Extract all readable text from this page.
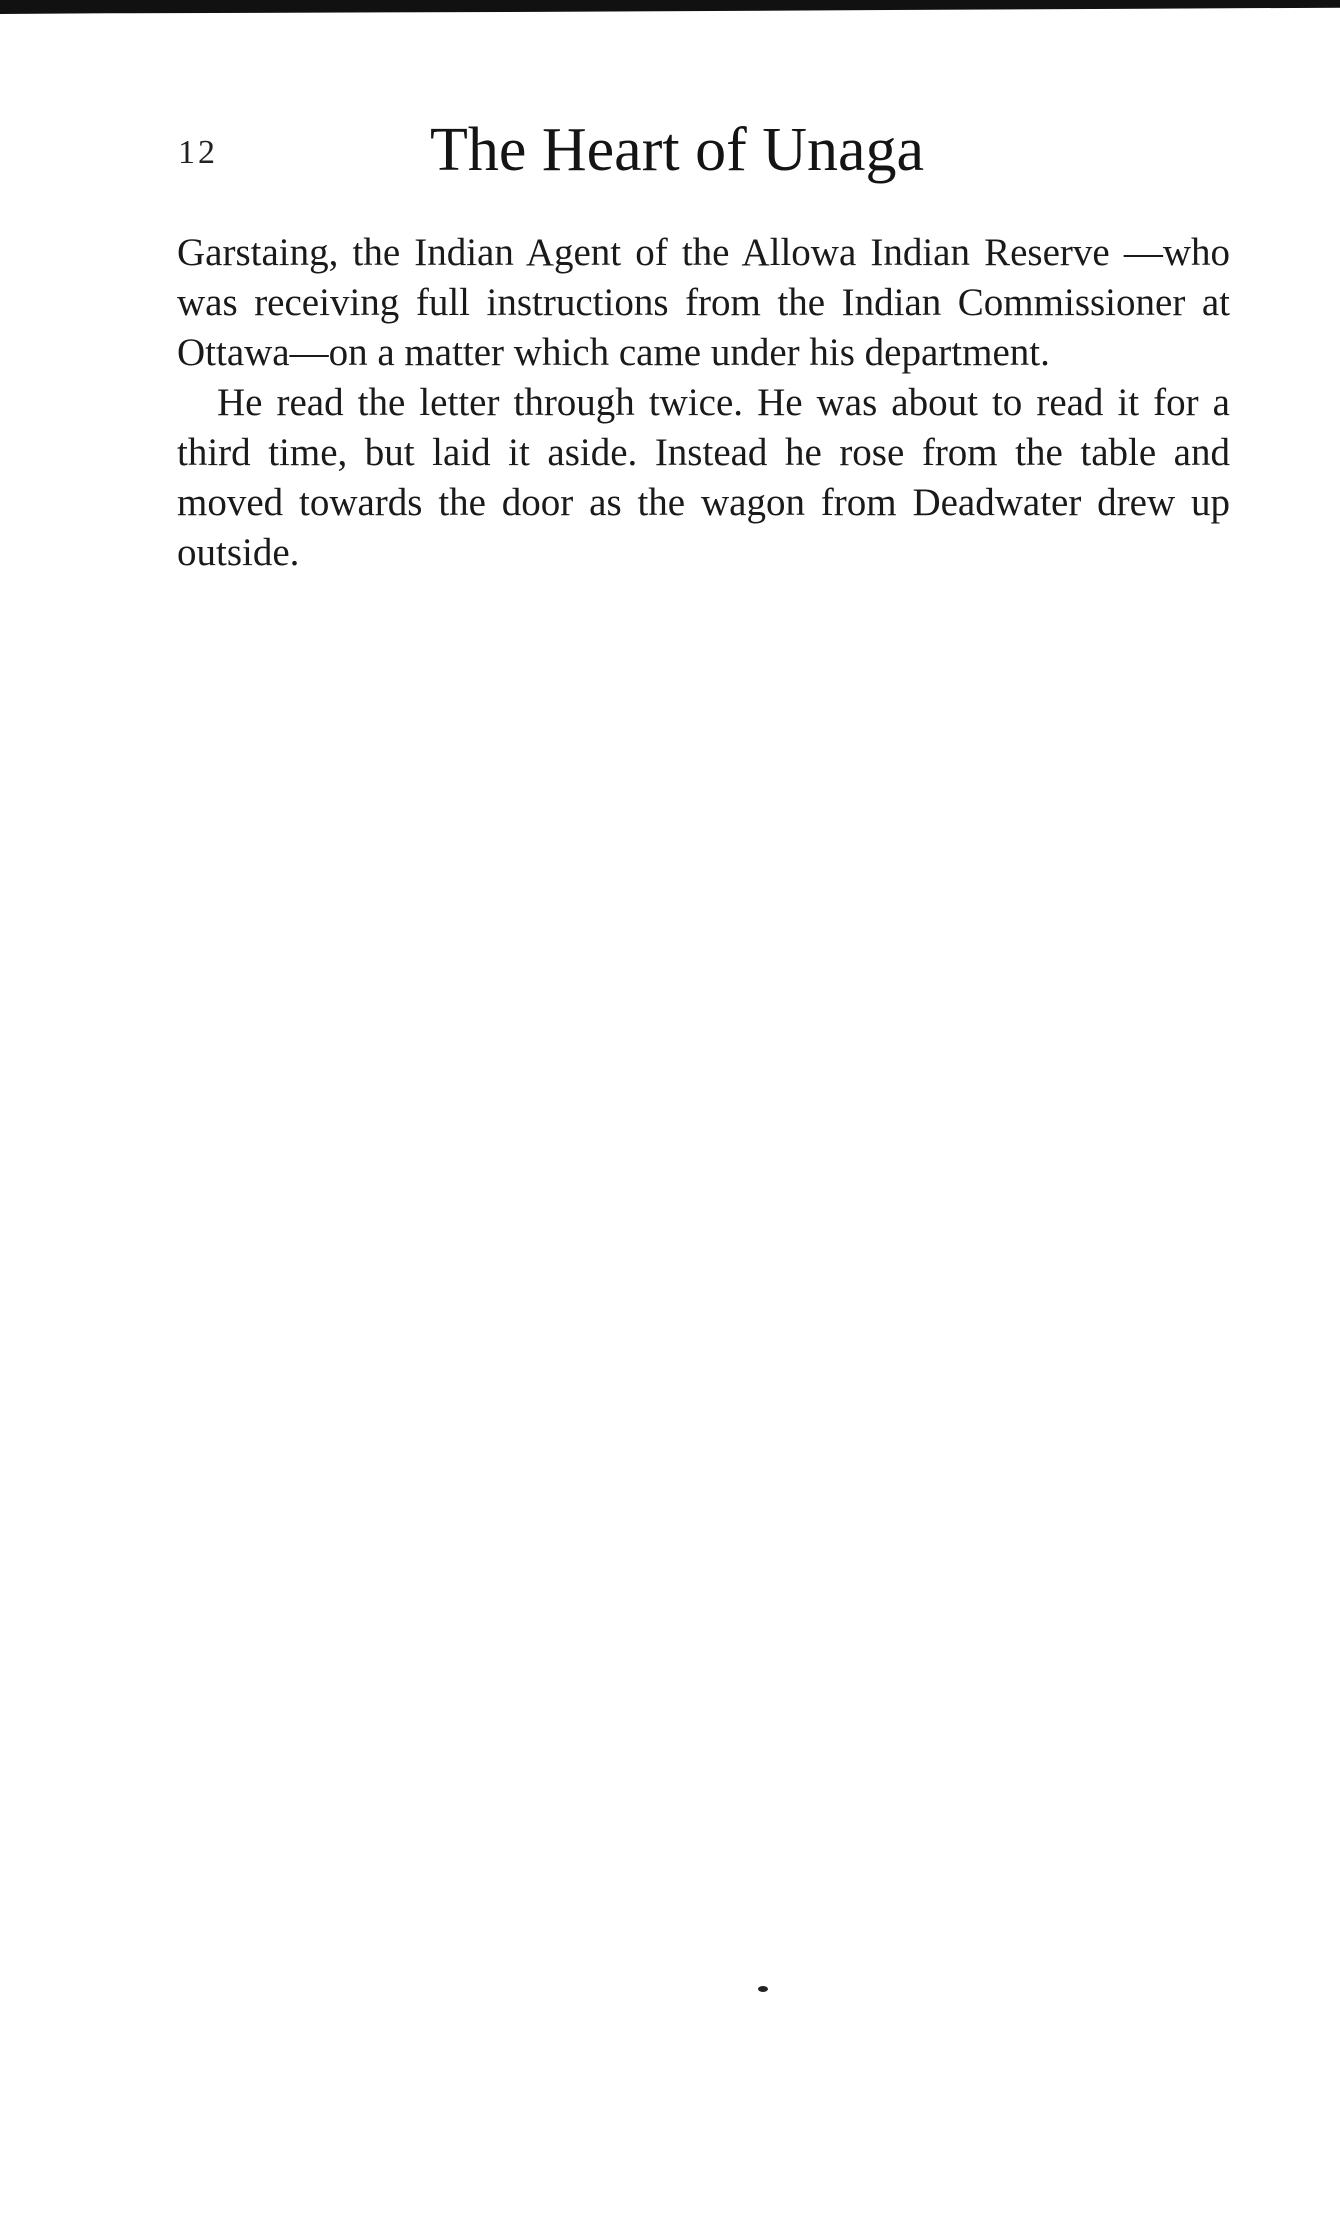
12	The Heart of Unaga

Garstaing, the Indian Agent of the Allowa Indian Reserve —who was receiving full instructions from the Indian Commissioner at Ottawa—on a matter which came under his department.

He read the letter through twice. He was about to read it for a third time, but laid it aside. Instead he rose from the table and moved towards the door as the wagon from Deadwater drew up outside.
